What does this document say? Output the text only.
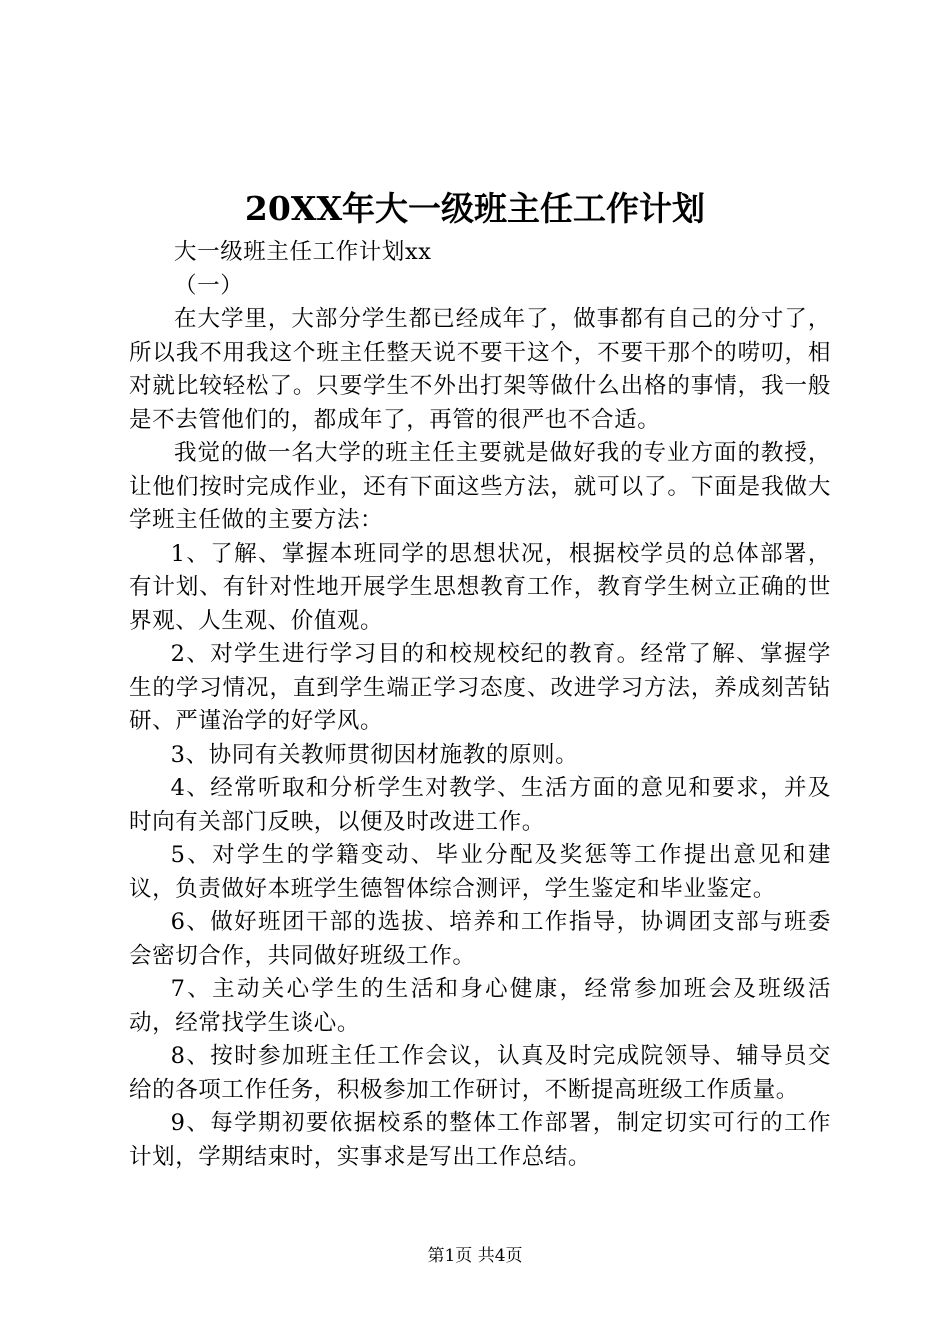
20XX年大一级班主任工作计划

大一级班主任工作计划xx

（一）

在大学里，大部分学生都已经成年了，做事都有自己的分寸了，所以我不用我这个班主任整天说不要干这个，不要干那个的唠叨，相对就比较轻松了。只要学生不外出打架等做什么出格的事情，我一般是不去管他们的，都成年了，再管的很严也不合适。

我觉的做一名大学的班主任主要就是做好我的专业方面的教授，让他们按时完成作业，还有下面这些方法，就可以了。下面是我做大学班主任做的主要方法：

1、了解、掌握本班同学的思想状况，根据校学员的总体部署，有计划、有针对性地开展学生思想教育工作，教育学生树立正确的世界观、人生观、价值观。

2、对学生进行学习目的和校规校纪的教育。经常了解、掌握学生的学习情况，直到学生端正学习态度、改进学习方法，养成刻苦钻研、严谨治学的好学风。

3、协同有关教师贯彻因材施教的原则。

4、经常听取和分析学生对教学、生活方面的意见和要求，并及时向有关部门反映，以便及时改进工作。

5、对学生的学籍变动、毕业分配及奖惩等工作提出意见和建议，负责做好本班学生德智体综合测评，学生鉴定和毕业鉴定。

6、做好班团干部的选拔、培养和工作指导，协调团支部与班委会密切合作，共同做好班级工作。

7、主动关心学生的生活和身心健康，经常参加班会及班级活动，经常找学生谈心。

8、按时参加班主任工作会议，认真及时完成院领导、辅导员交给的各项工作任务，积极参加工作研讨，不断提高班级工作质量。

9、每学期初要依据校系的整体工作部署，制定切实可行的工作计划，学期结束时，实事求是写出工作总结。

第1页 共4页
